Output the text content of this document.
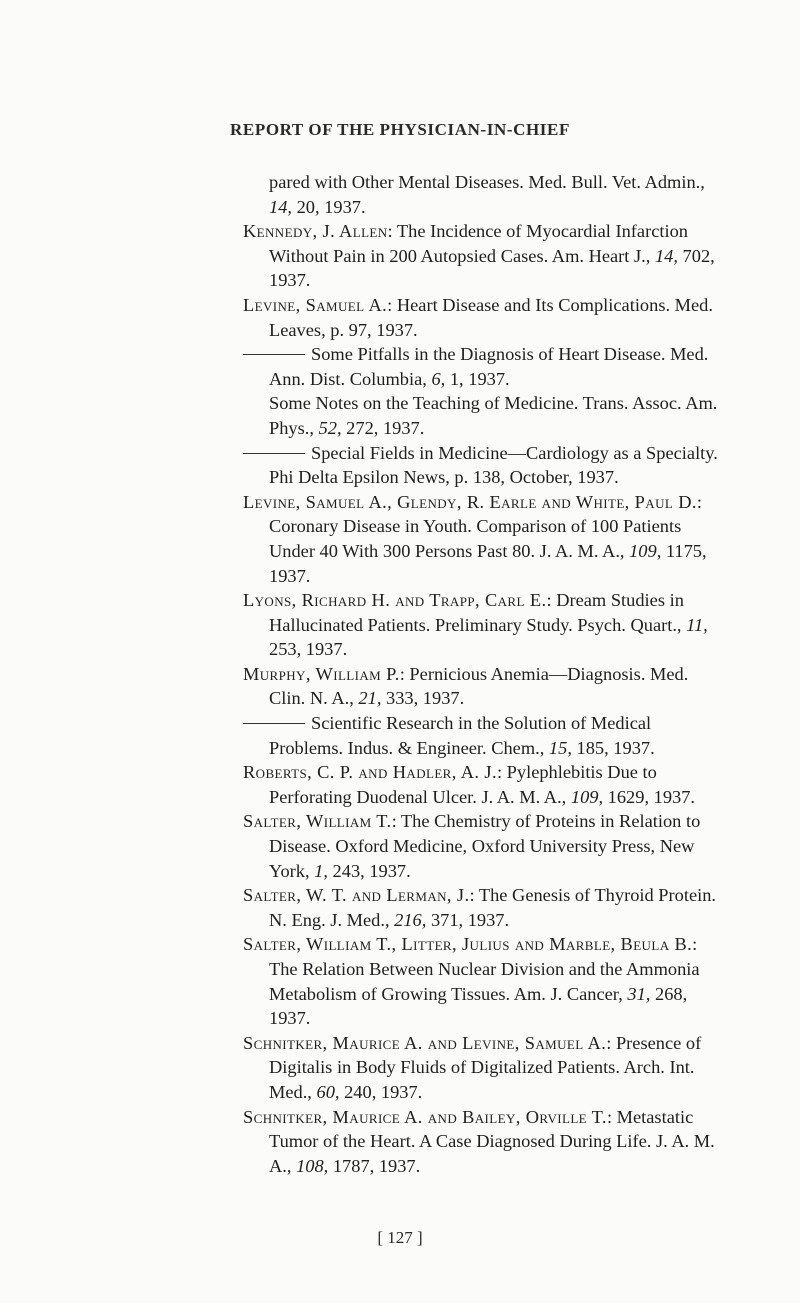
REPORT OF THE PHYSICIAN-IN-CHIEF

pared with Other Mental Diseases. Med. Bull. Vet. Admin., 14, 20, 1937.

Kennedy, J. Allen: The Incidence of Myocardial Infarction Without Pain in 200 Autopsied Cases. Am. Heart J., 14, 702, 1937.

Levine, Samuel A.: Heart Disease and Its Complications. Med. Leaves, p. 97, 1937.

Some Pitfalls in the Diagnosis of Heart Disease. Med. Ann. Dist. Columbia, 6, 1, 1937.

Some Notes on the Teaching of Medicine. Trans. Assoc. Am. Phys., 52, 272, 1937.

Special Fields in Medicine—Cardiology as a Specialty. Phi Delta Epsilon News, p. 138, October, 1937.

Levine, Samuel A., Glendy, R. Earle and White, Paul D.: Coronary Disease in Youth. Comparison of 100 Patients Under 40 With 300 Persons Past 80. J. A. M. A., 109, 1175, 1937.

Lyons, Richard H. and Trapp, Carl E.: Dream Studies in Hallucinated Patients. Preliminary Study. Psych. Quart., 11, 253, 1937.

Murphy, William P.: Pernicious Anemia—Diagnosis. Med. Clin. N. A., 21, 333, 1937.

Scientific Research in the Solution of Medical Problems. Indus. & Engineer. Chem., 15, 185, 1937.

Roberts, C. P. and Hadler, A. J.: Pylephlebitis Due to Perforating Duodenal Ulcer. J. A. M. A., 109, 1629, 1937.

Salter, William T.: The Chemistry of Proteins in Relation to Disease. Oxford Medicine, Oxford University Press, New York, 1, 243, 1937.

Salter, W. T. and Lerman, J.: The Genesis of Thyroid Protein. N. Eng. J. Med., 216, 371, 1937.

Salter, William T., Litter, Julius and Marble, Beula B.: The Relation Between Nuclear Division and the Ammonia Metabolism of Growing Tissues. Am. J. Cancer, 31, 268, 1937.

Schnitker, Maurice A. and Levine, Samuel A.: Presence of Digitalis in Body Fluids of Digitalized Patients. Arch. Int. Med., 60, 240, 1937.

Schnitker, Maurice A. and Bailey, Orville T.: Metastatic Tumor of the Heart. A Case Diagnosed During Life. J. A. M. A., 108, 1787, 1937.

[ 127 ]
